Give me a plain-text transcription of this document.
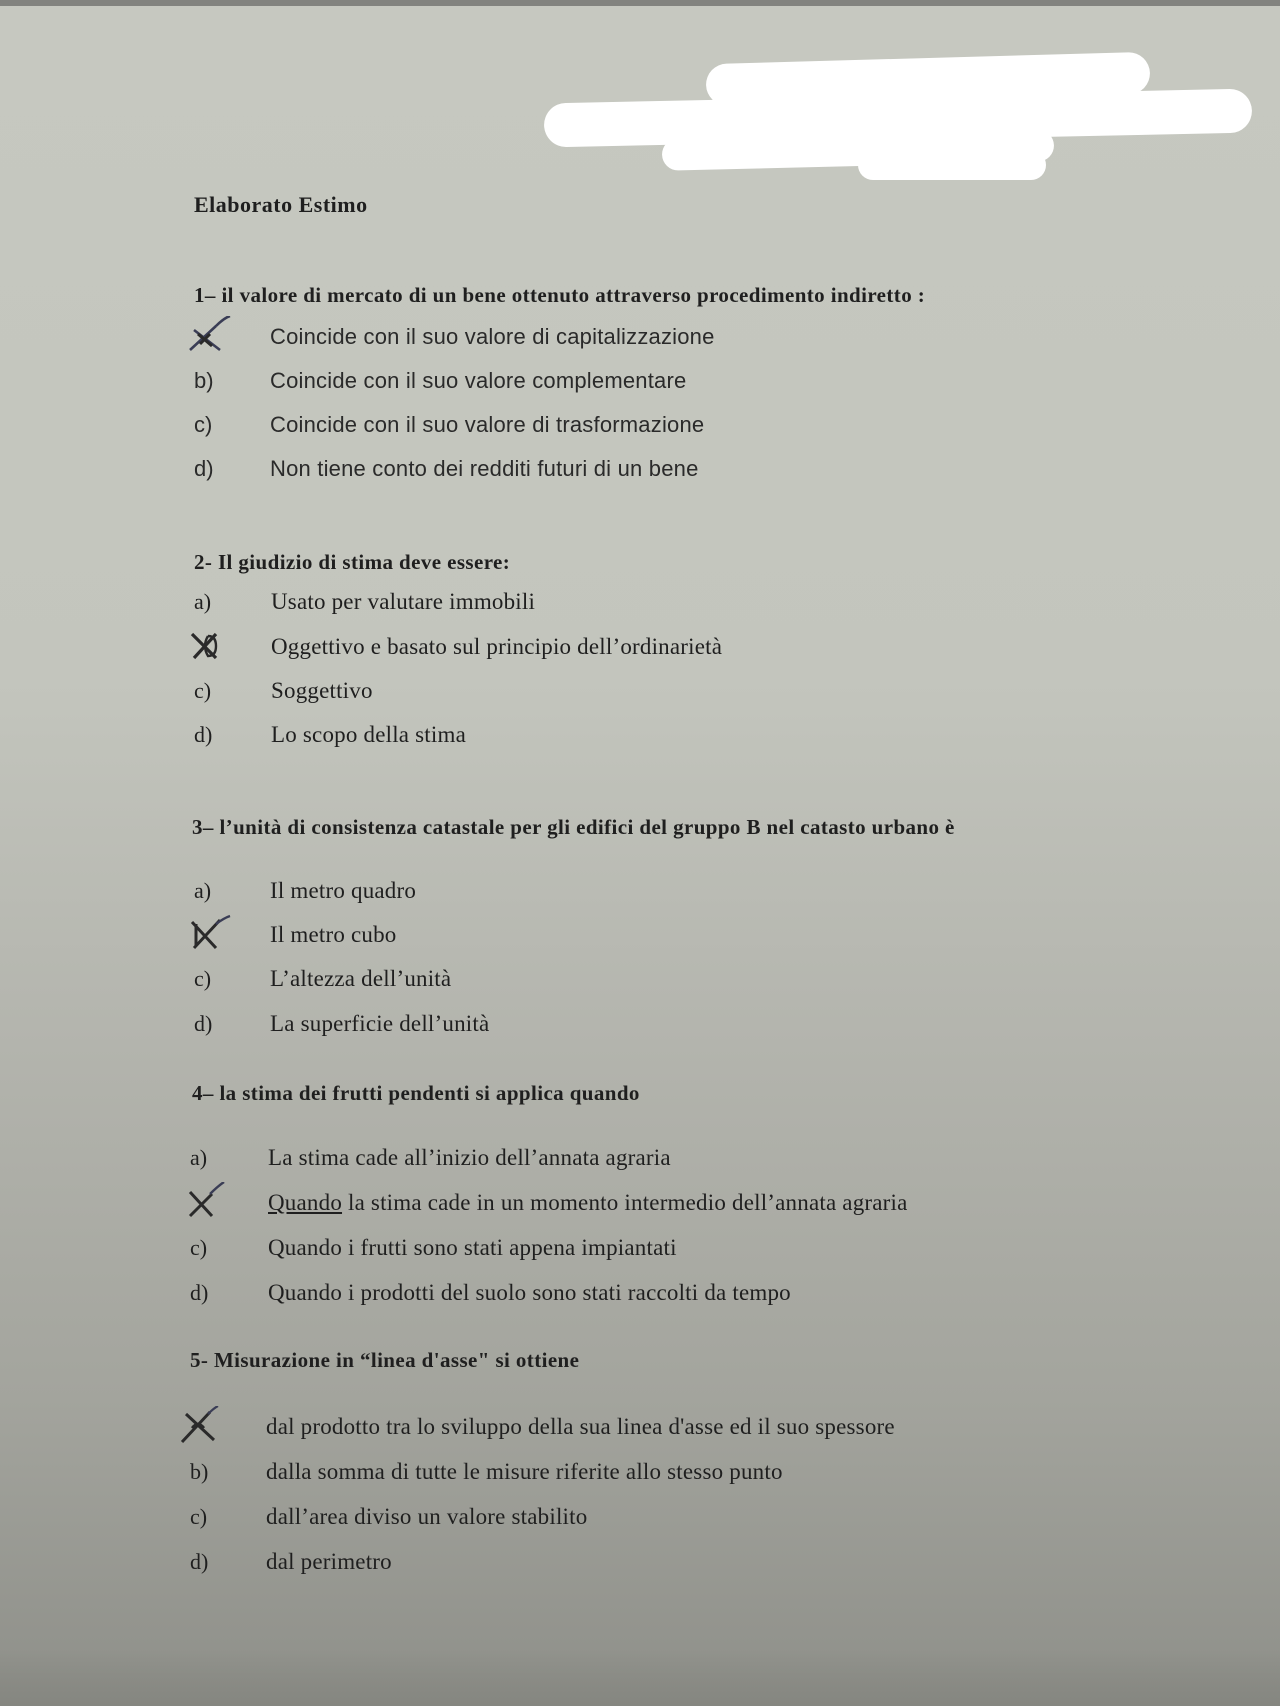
Elaborato Estimo
1– il valore di mercato di un bene ottenuto attraverso procedimento indiretto :
Coincide con il suo valore di capitalizzazione
b)	Coincide con il suo valore complementare
c)	Coincide con il suo valore di trasformazione
d)	Non tiene conto dei redditi futuri di un bene
2- Il giudizio di stima deve essere:
a)	Usato per valutare immobili
Oggettivo e basato sul principio dell’ordinarietà
c)	Soggettivo
d)	Lo scopo della stima
3– l’unità di consistenza catastale per gli edifici del gruppo B nel catasto urbano è
a)	Il metro quadro
Il metro cubo
c)	L’altezza dell’unità
d)	La superficie dell’unità
4– la stima dei frutti pendenti si applica quando
a)	La stima cade all’inizio dell’annata agraria
Quando la stima cade in un momento intermedio dell’annata agraria
c)	Quando i frutti sono stati appena impiantati
d)	Quando i prodotti del suolo sono stati raccolti da tempo
5- Misurazione in “linea d'asse" si ottiene
dal prodotto tra lo sviluppo della sua linea d'asse ed il suo spessore
b)	dalla somma di tutte le misure riferite allo stesso punto
c)	dall’area diviso un valore stabilito
d)	dal perimetro
